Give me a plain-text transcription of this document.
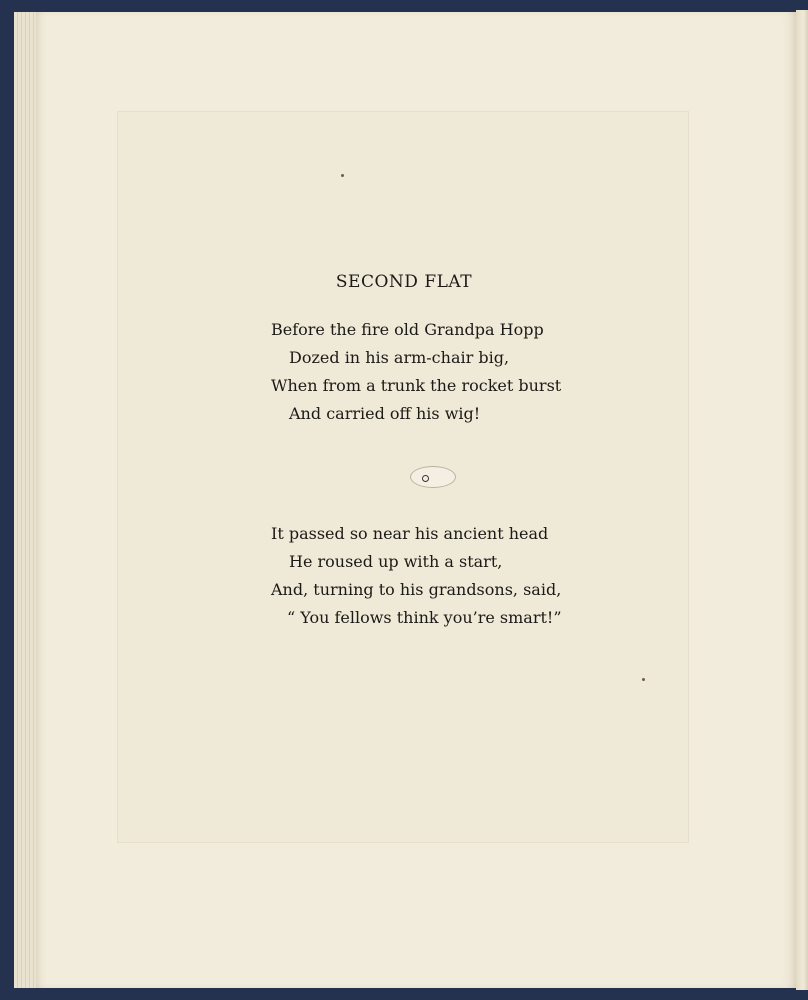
SECOND FLAT
Before the fire old Grandpa Hopp
Dozed in his arm-chair big,
When from a trunk the rocket burst
And carried off his wig!
It passed so near his ancient head
He roused up with a start,
And, turning to his grandsons, said,
“ You fellows think you’re smart!”
